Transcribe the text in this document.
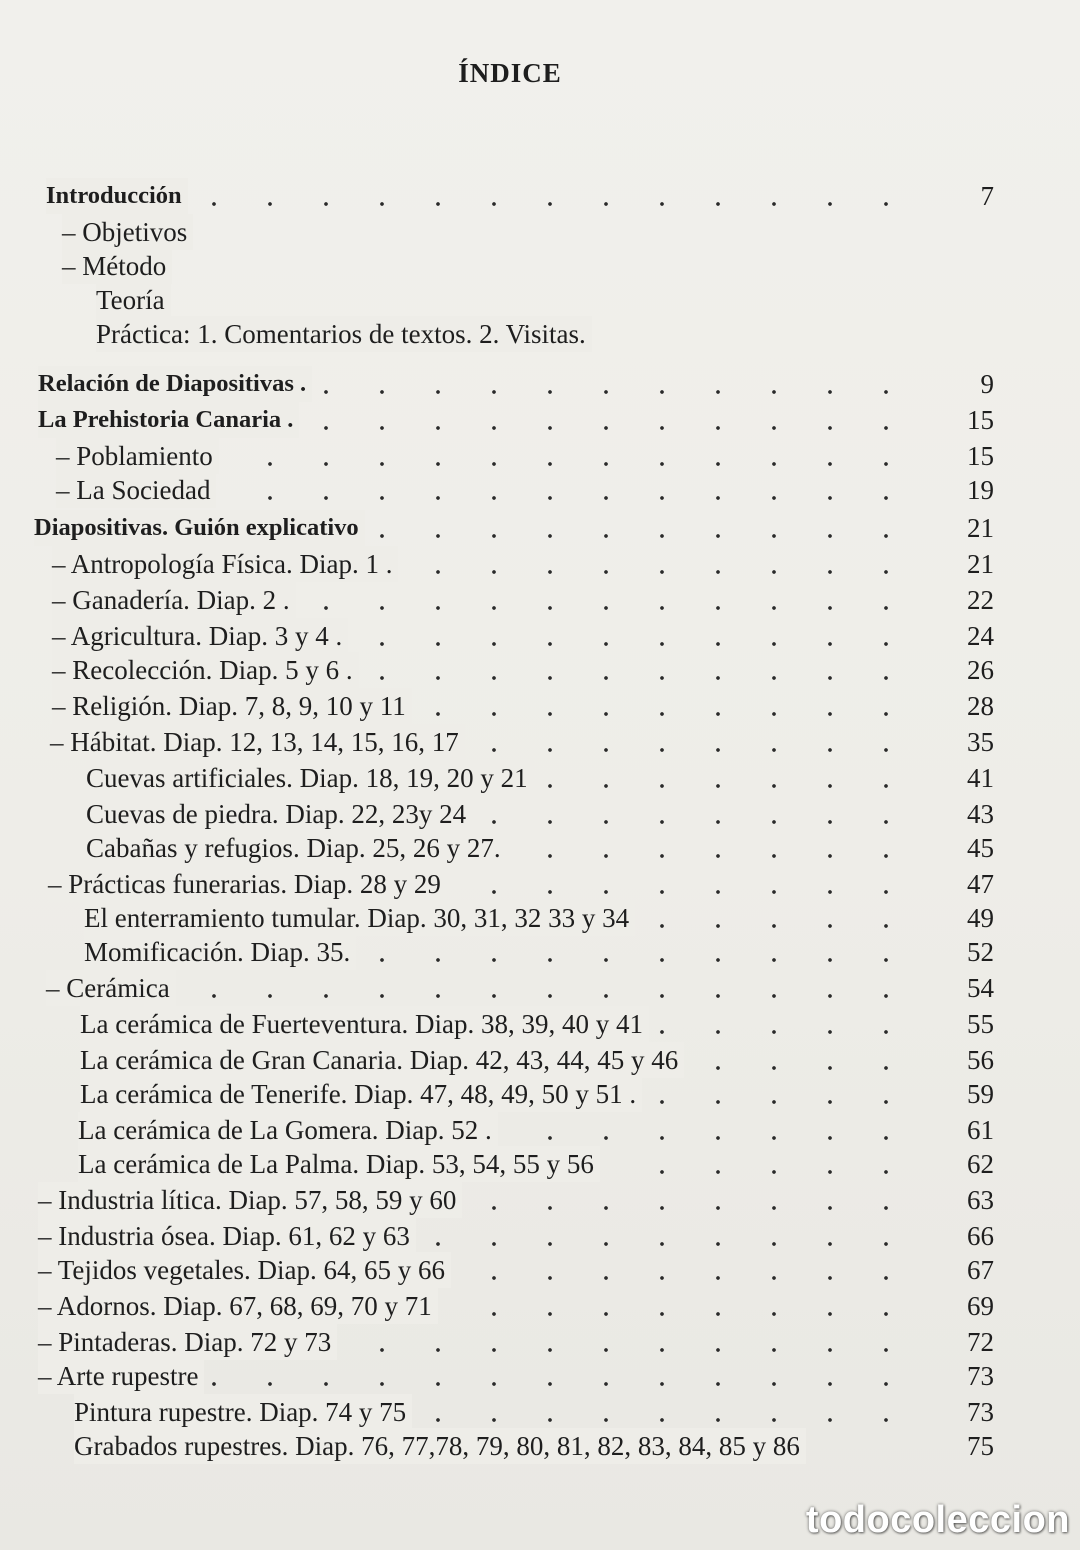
ÍNDICE
Introducción	7
– Objetivos
– Método
Teoría
Práctica: 1. Comentarios de textos. 2. Visitas.
Relación de Diapositivas .	9
La Prehistoria Canaria .	15
– Poblamiento	15
– La Sociedad	19
Diapositivas. Guión explicativo	21
– Antropología Física. Diap. 1 .	21
– Ganadería. Diap. 2 .	22
– Agricultura. Diap. 3 y 4 .	24
– Recolección. Diap. 5 y 6 .	26
– Religión. Diap. 7, 8, 9, 10 y 11	28
– Hábitat. Diap. 12, 13, 14, 15, 16, 17	35
Cuevas artificiales. Diap. 18, 19, 20 y 21	41
Cuevas de piedra. Diap. 22, 23y 24	43
Cabañas y refugios. Diap. 25, 26 y 27.	45
– Prácticas funerarias. Diap. 28 y 29	47
El enterramiento tumular. Diap. 30, 31, 32 33 y 34	49
Momificación. Diap. 35.	52
– Cerámica	54
La cerámica de Fuerteventura. Diap. 38, 39, 40 y 41	55
La cerámica de Gran Canaria. Diap. 42, 43, 44, 45 y 46	56
La cerámica de Tenerife. Diap. 47, 48, 49, 50 y 51 .	59
La cerámica de La Gomera. Diap. 52 .	61
La cerámica de La Palma. Diap. 53, 54, 55 y 56	62
– Industria lítica. Diap. 57, 58, 59 y 60	63
– Industria ósea. Diap. 61, 62 y 63	66
– Tejidos vegetales. Diap. 64, 65 y 66	67
– Adornos. Diap. 67, 68, 69, 70 y 71	69
– Pintaderas. Diap. 72 y 73	72
– Arte rupestre	73
Pintura rupestre. Diap. 74 y 75	73
Grabados rupestres. Diap. 76, 77,78, 79, 80, 81, 82, 83, 84, 85 y 86	75
todocoleccion
